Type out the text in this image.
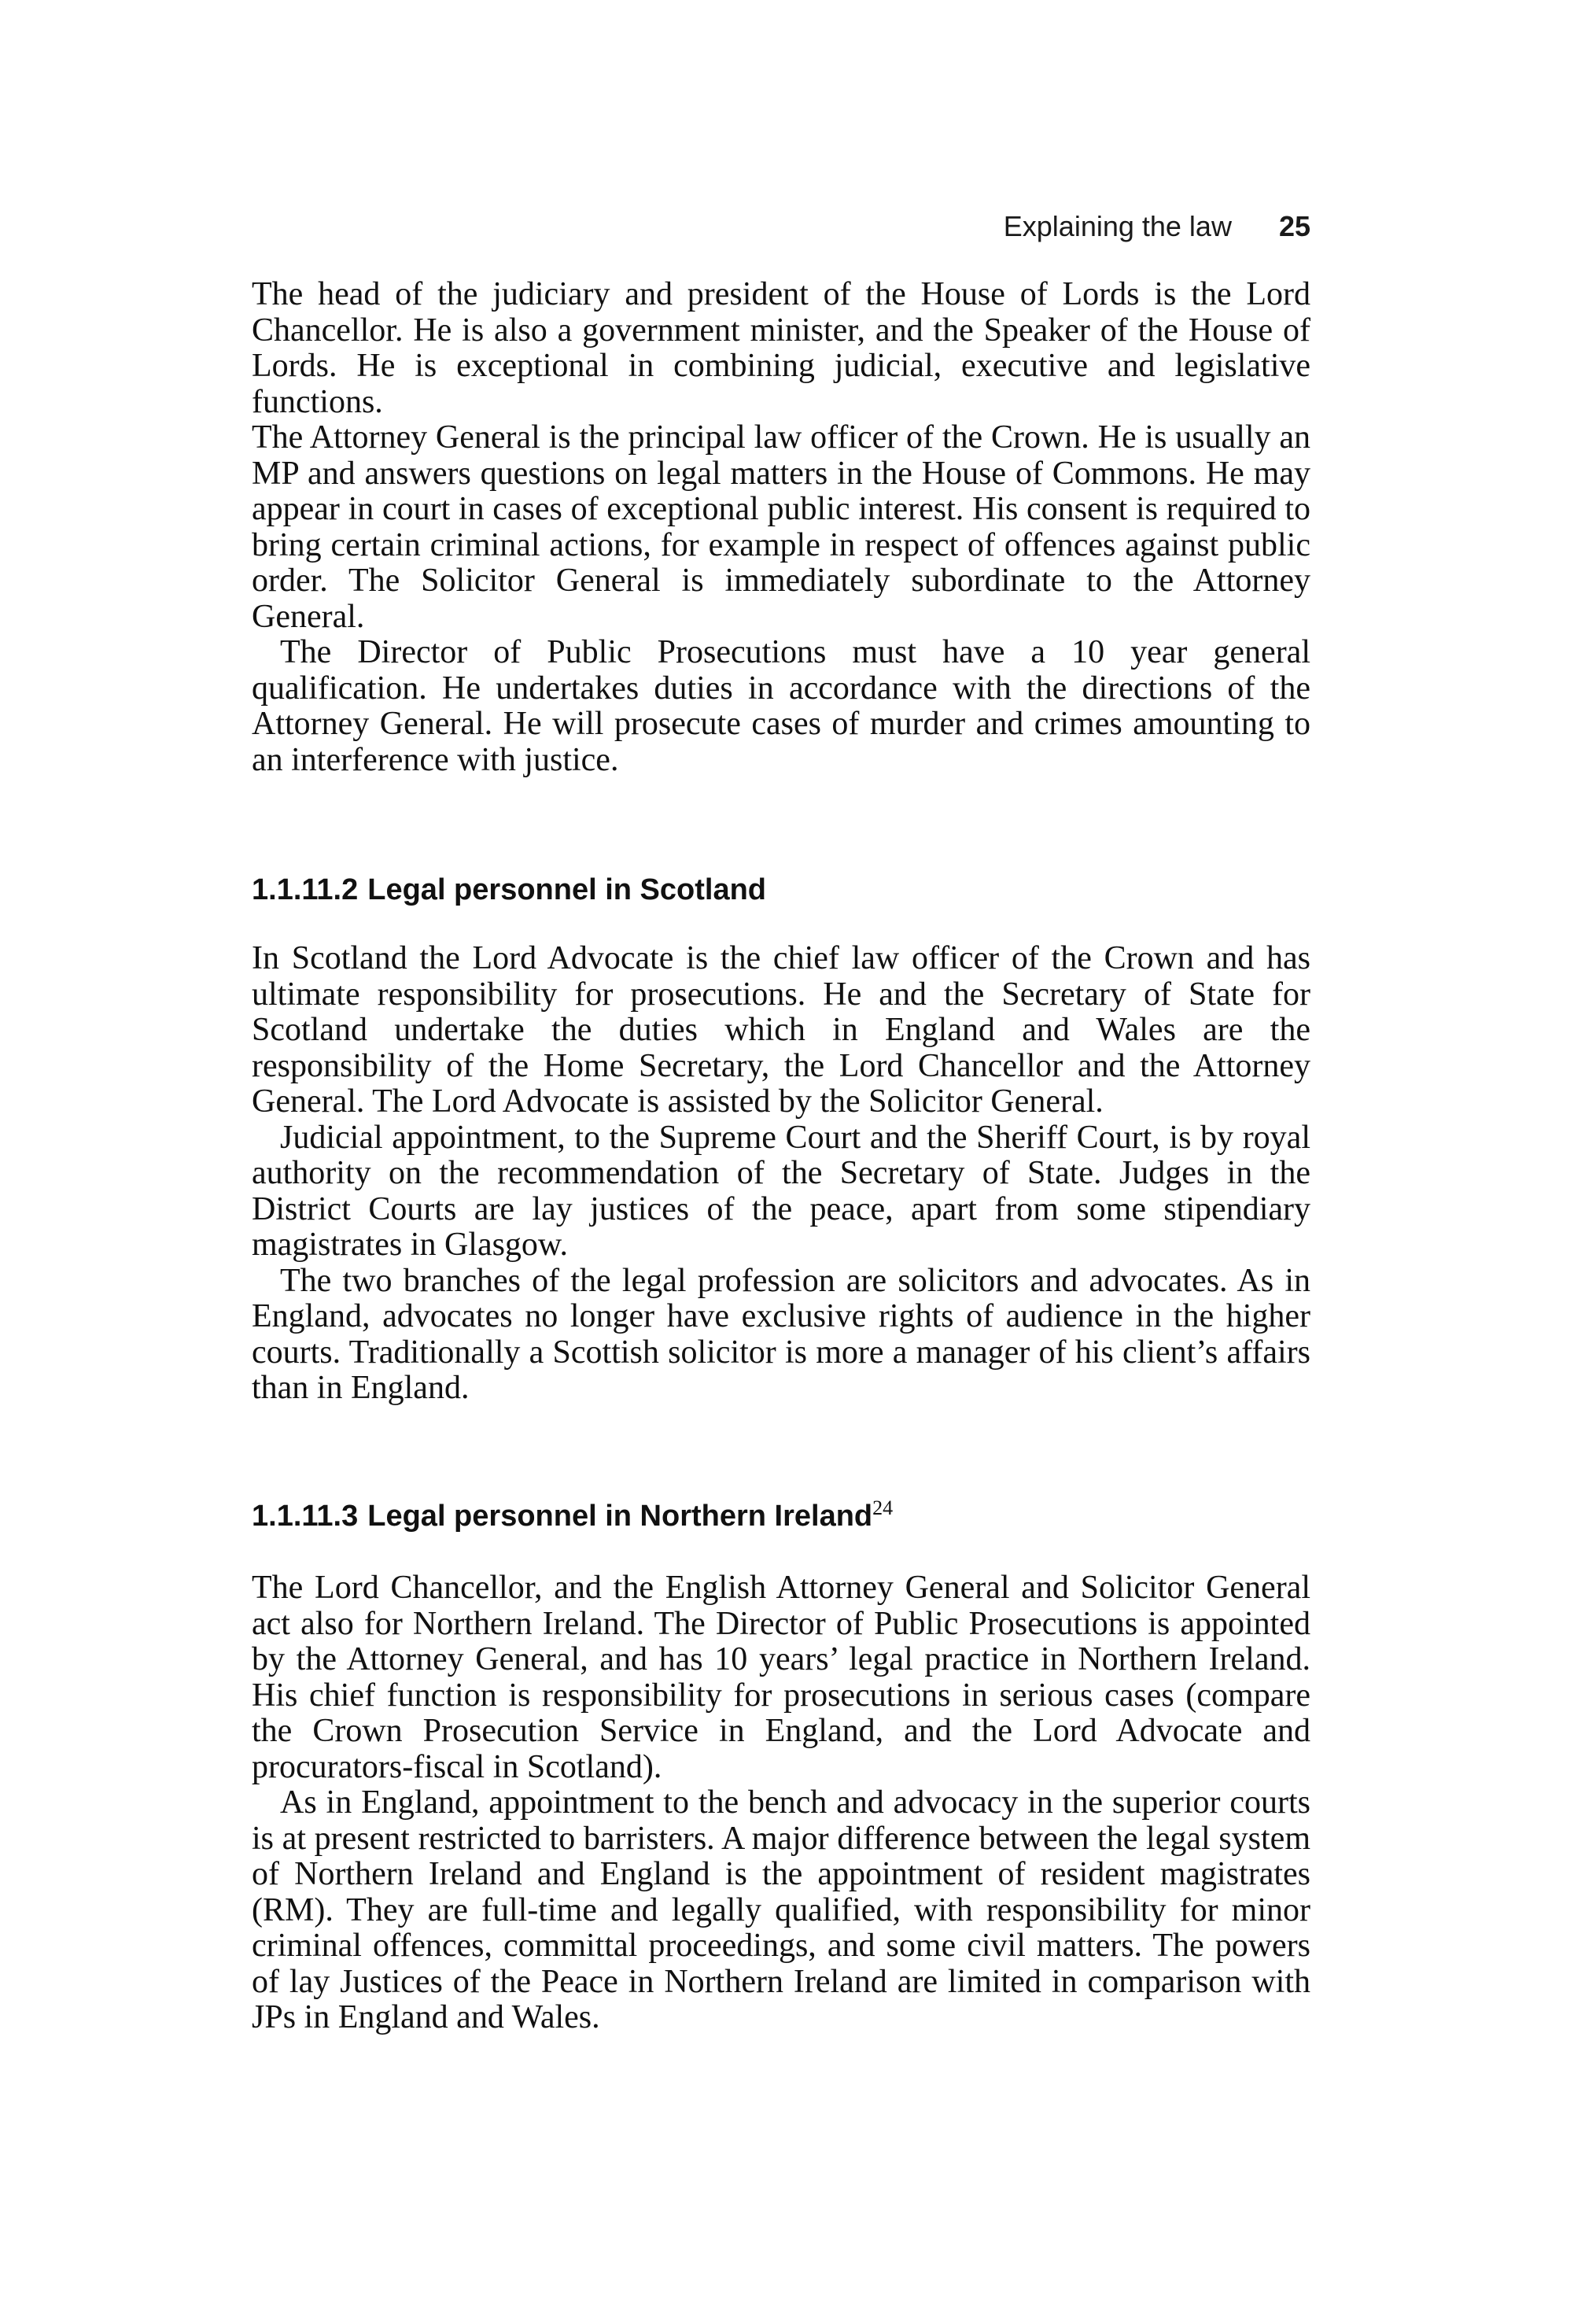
Explaining the law 25

The head of the judiciary and president of the House of Lords is the Lord Chancellor. He is also a government minister, and the Speaker of the House of Lords. He is exceptional in combining judicial, executive and legislative functions.

The Attorney General is the principal law officer of the Crown. He is usually an MP and answers questions on legal matters in the House of Commons. He may appear in court in cases of exceptional public interest. His consent is required to bring certain criminal actions, for example in respect of offences against public order. The Solicitor General is immediately subordinate to the Attorney General.

The Director of Public Prosecutions must have a 10 year general qualification. He undertakes duties in accordance with the directions of the Attorney General. He will prosecute cases of murder and crimes amounting to an interference with justice.

1.1.11.2 Legal personnel in Scotland

In Scotland the Lord Advocate is the chief law officer of the Crown and has ultimate responsibility for prosecutions. He and the Secretary of State for Scotland undertake the duties which in England and Wales are the responsibility of the Home Secretary, the Lord Chancellor and the Attorney General. The Lord Advocate is assisted by the Solicitor General.

Judicial appointment, to the Supreme Court and the Sheriff Court, is by royal authority on the recommendation of the Secretary of State. Judges in the District Courts are lay justices of the peace, apart from some stipendiary magistrates in Glasgow.

The two branches of the legal profession are solicitors and advocates. As in England, advocates no longer have exclusive rights of audience in the higher courts. Traditionally a Scottish solicitor is more a manager of his client’s affairs than in England.

1.1.11.3 Legal personnel in Northern Ireland$^{24}$

The Lord Chancellor, and the English Attorney General and Solicitor General act also for Northern Ireland. The Director of Public Prosecutions is appointed by the Attorney General, and has 10 years’ legal practice in Northern Ireland. His chief function is responsibility for prosecutions in serious cases (compare the Crown Prosecution Service in England, and the Lord Advocate and procurators-fiscal in Scotland).

As in England, appointment to the bench and advocacy in the superior courts is at present restricted to barristers. A major difference between the legal system of Northern Ireland and England is the appointment of resident magistrates (RM). They are full-time and legally qualified, with responsibility for minor criminal offences, committal proceedings, and some civil matters. The powers of lay Justices of the Peace in Northern Ireland are limited in comparison with JPs in England and Wales.
